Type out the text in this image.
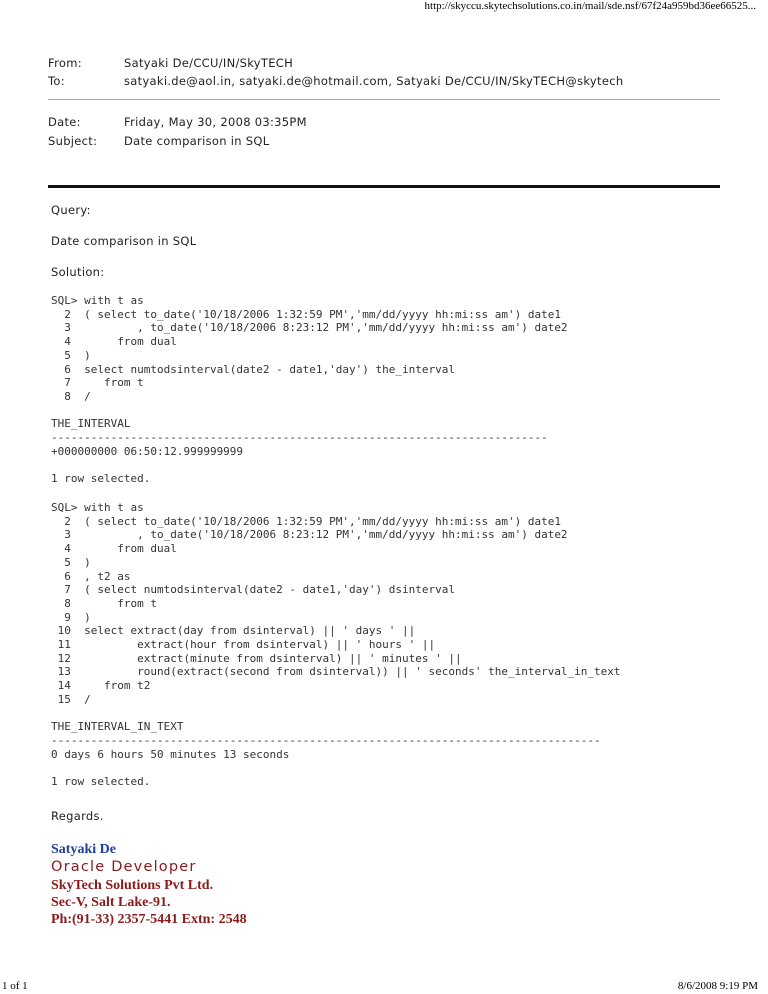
http://skyccu.skytechsolutions.co.in/mail/sde.nsf/67f24a959bd36ee66525...
From:	Satyaki De/CCU/IN/SkyTECH
To:	satyaki.de@aol.in, satyaki.de@hotmail.com, Satyaki De/CCU/IN/SkyTECH@skytech
Date:	Friday, May 30, 2008 03:35PM
Subject: Date comparison in SQL
Query:
Date comparison in SQL
Solution:
SQL> with t as
2  ( select to_date('10/18/2006 1:32:59 PM','mm/dd/yyyy hh:mi:ss am') date1
3          , to_date('10/18/2006 8:23:12 PM','mm/dd/yyyy hh:mi:ss am') date2
4       from dual
5  )
6  select numtodsinterval(date2 - date1,'day') the_interval
7     from t
8  /

THE_INTERVAL
---------------------------------------------------------------------------
+000000000 06:50:12.999999999

1 row selected.
SQL> with t as
2  ( select to_date('10/18/2006 1:32:59 PM','mm/dd/yyyy hh:mi:ss am') date1
3          , to_date('10/18/2006 8:23:12 PM','mm/dd/yyyy hh:mi:ss am') date2
4       from dual
5  )
6  , t2 as
7  ( select numtodsinterval(date2 - date1,'day') dsinterval
8       from t
9  )
10  select extract(day from dsinterval) || ' days ' ||
11          extract(hour from dsinterval) || ' hours ' ||
12          extract(minute from dsinterval) || ' minutes ' ||
13          round(extract(second from dsinterval)) || ' seconds' the_interval_in_text
14     from t2
15  /

THE_INTERVAL_IN_TEXT
-----------------------------------------------------------------------------------
0 days 6 hours 50 minutes 13 seconds

1 row selected.
Regards.
Satyaki De
Oracle Developer
SkyTech Solutions Pvt Ltd.
Sec-V, Salt Lake-91.
Ph:(91-33) 2357-5441 Extn: 2548
1 of 1	8/6/2008 9:19 PM
